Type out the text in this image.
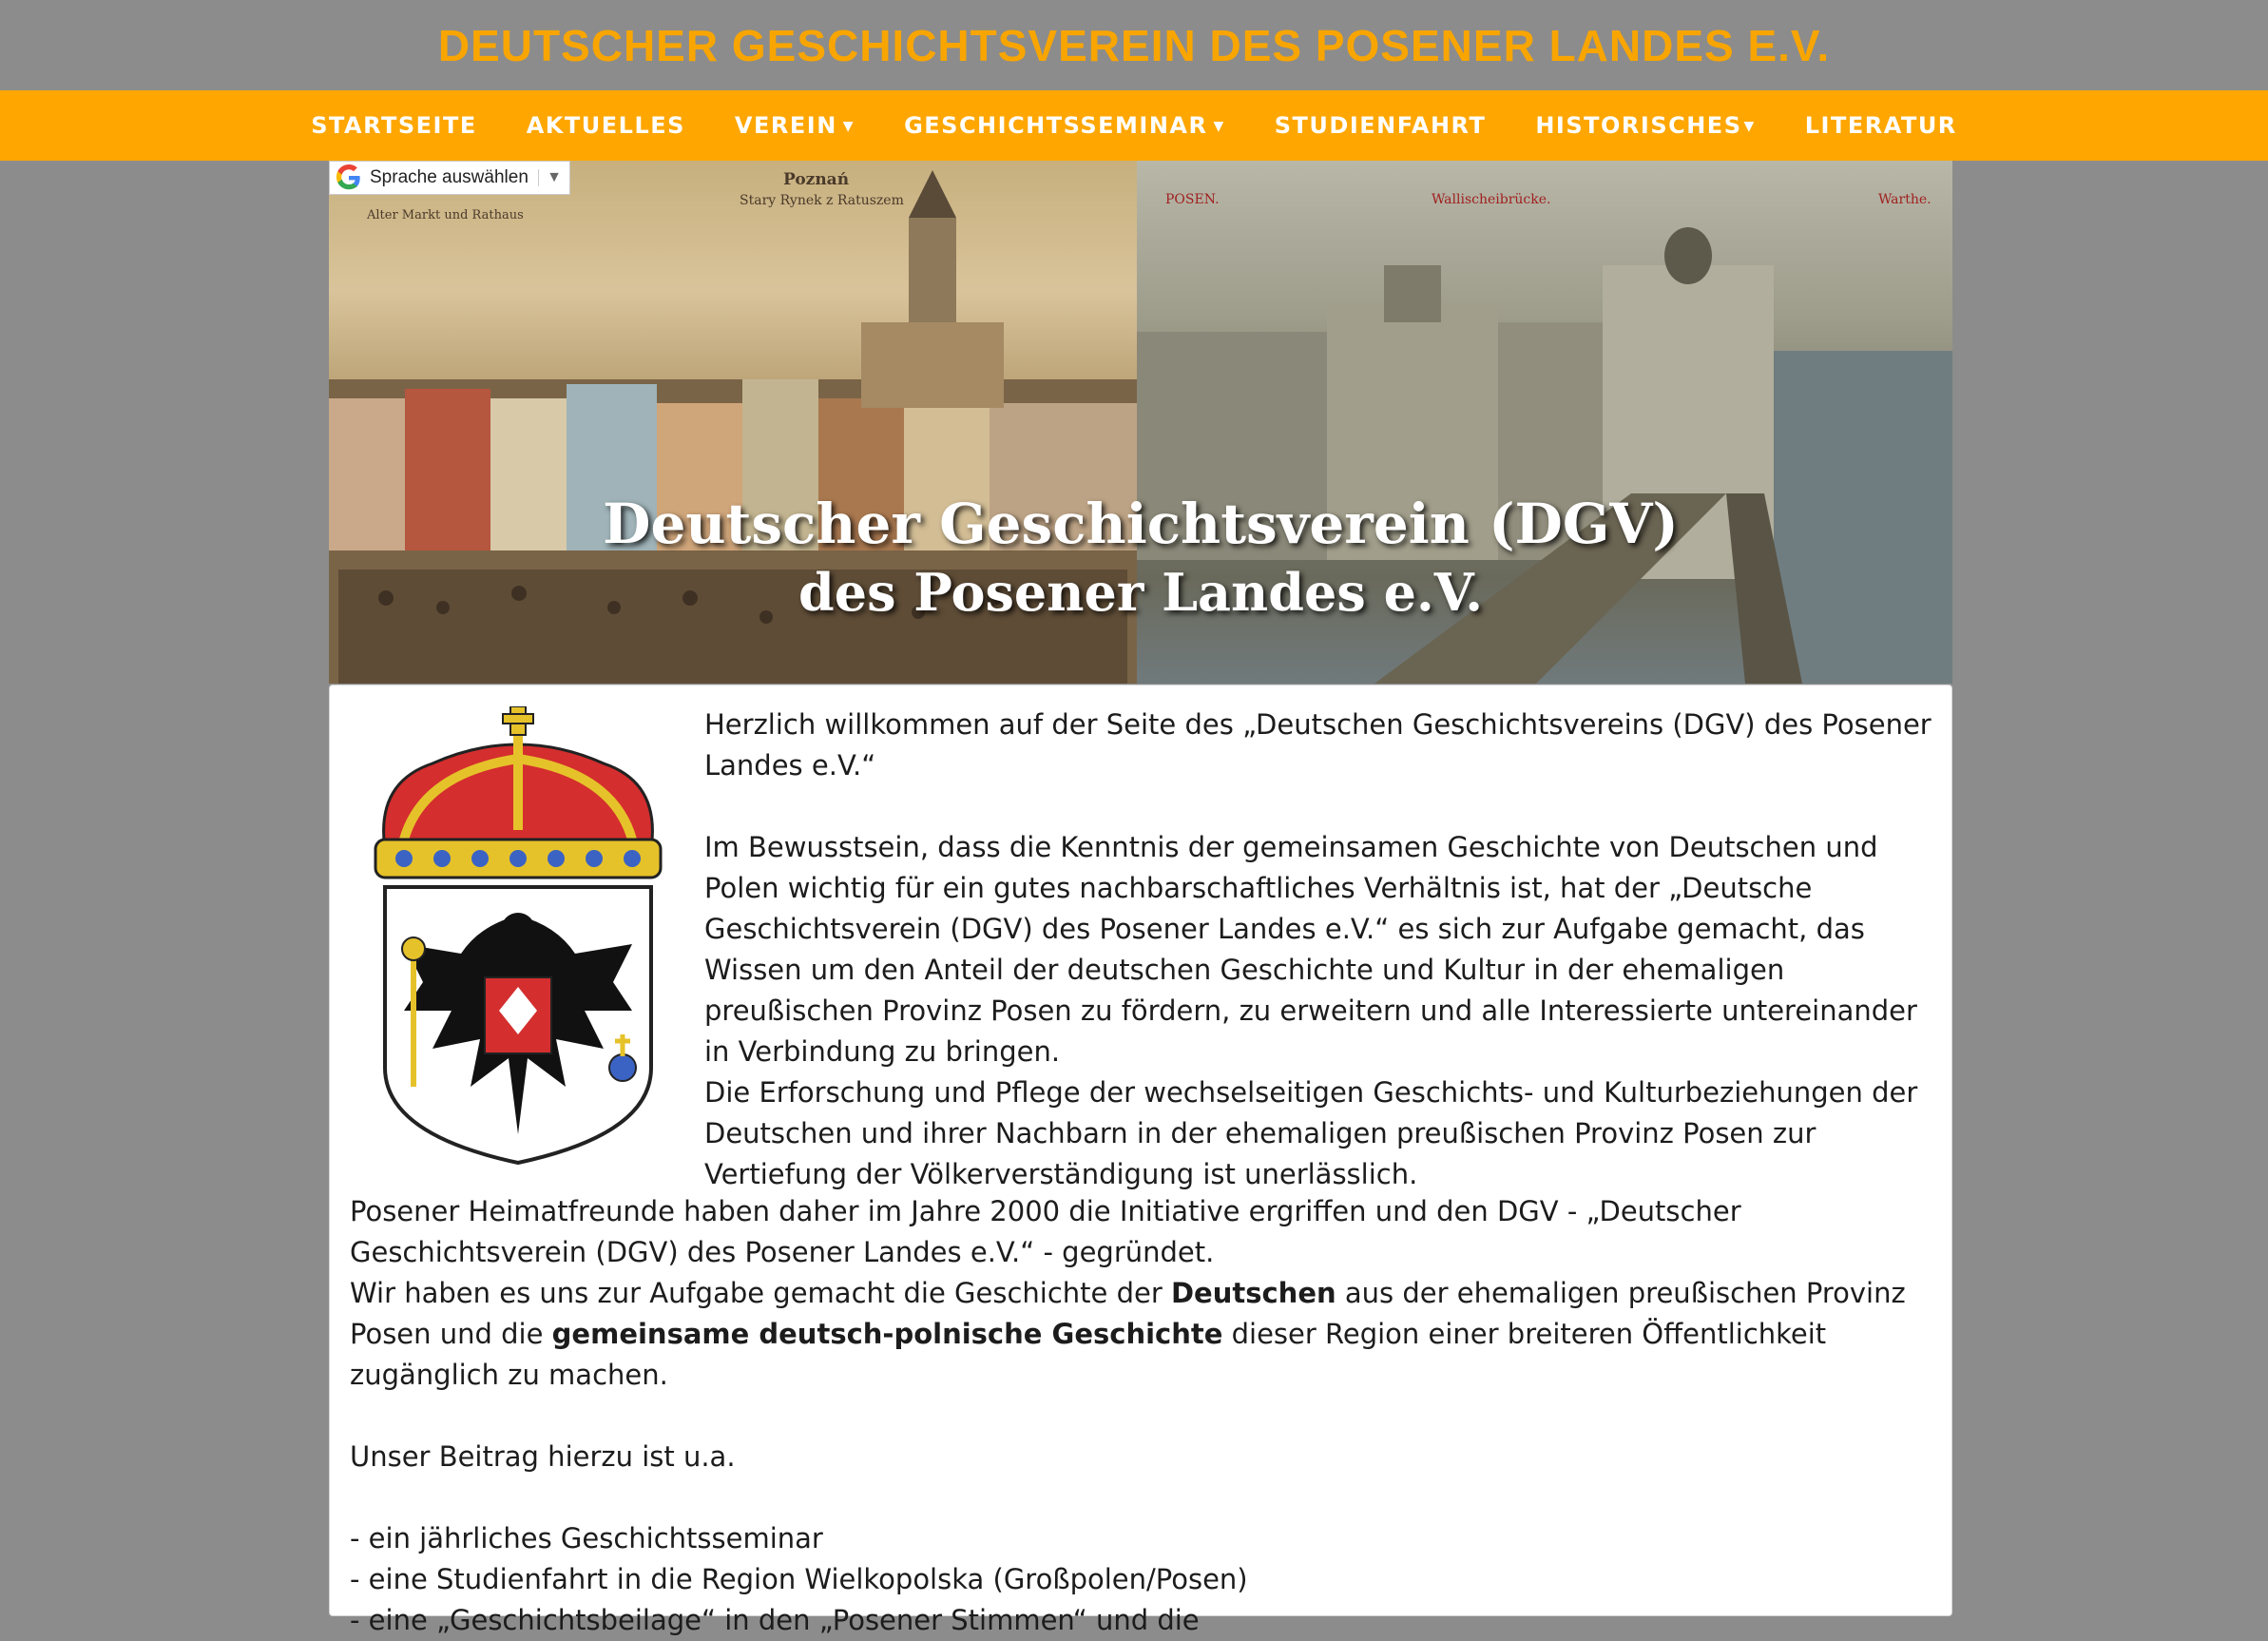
DEUTSCHER GESCHICHTSVEREIN DES POSENER LANDES E.V.
STARTSEITE	AKTUELLES	VEREIN ▼	GESCHICHTSSEMINAR ▼	STUDIENFAHRT	HISTORISCHES ▼	LITERATUR
Poznań
Stary Rynek z Ratuszem
Alter Markt und Rathaus
POSEN.	Wallischeibrücke.	Warthe.
Deutscher Geschichtsverein (DGV)
des Posener Landes e.V.
Sprache auswählen	▼

Herzlich willkommen auf der Seite des „Deutschen Geschichtsvereins (DGV) des Posener Landes e.V.“

Im Bewusstsein, dass die Kenntnis der gemeinsamen Geschichte von Deutschen und Polen wichtig für ein gutes nachbarschaftliches Verhältnis ist, hat der „Deutsche Geschichtsverein (DGV) des Posener Landes e.V.“ es sich zur Aufgabe gemacht, das Wissen um den Anteil der deutschen Geschichte und Kultur in der ehemaligen preußischen Provinz Posen zu fördern, zu erweitern und alle Interessierte untereinander in Verbindung zu bringen.

Die Erforschung und Pflege der wechselseitigen Geschichts- und Kulturbeziehungen der Deutschen und ihrer Nachbarn in der ehemaligen preußischen Provinz Posen zur Vertiefung der Völkerverständigung ist unerlässlich.

Posener Heimatfreunde haben daher im Jahre 2000 die Initiative ergriffen und den DGV - „Deutscher Geschichtsverein (DGV) des Posener Landes e.V.“ - gegründet.

Wir haben es uns zur Aufgabe gemacht die Geschichte der Deutschen aus der ehemaligen preußischen Provinz Posen und die gemeinsame deutsch-polnische Geschichte dieser Region einer breiteren Öffentlichkeit zugänglich zu machen.

Unser Beitrag hierzu ist u.a.

- ein jährliches Geschichtsseminar

- eine Studienfahrt in die Region Wielkopolska (Großpolen/Posen)

- eine „Geschichtsbeilage“ in den „Posener Stimmen“ und die
